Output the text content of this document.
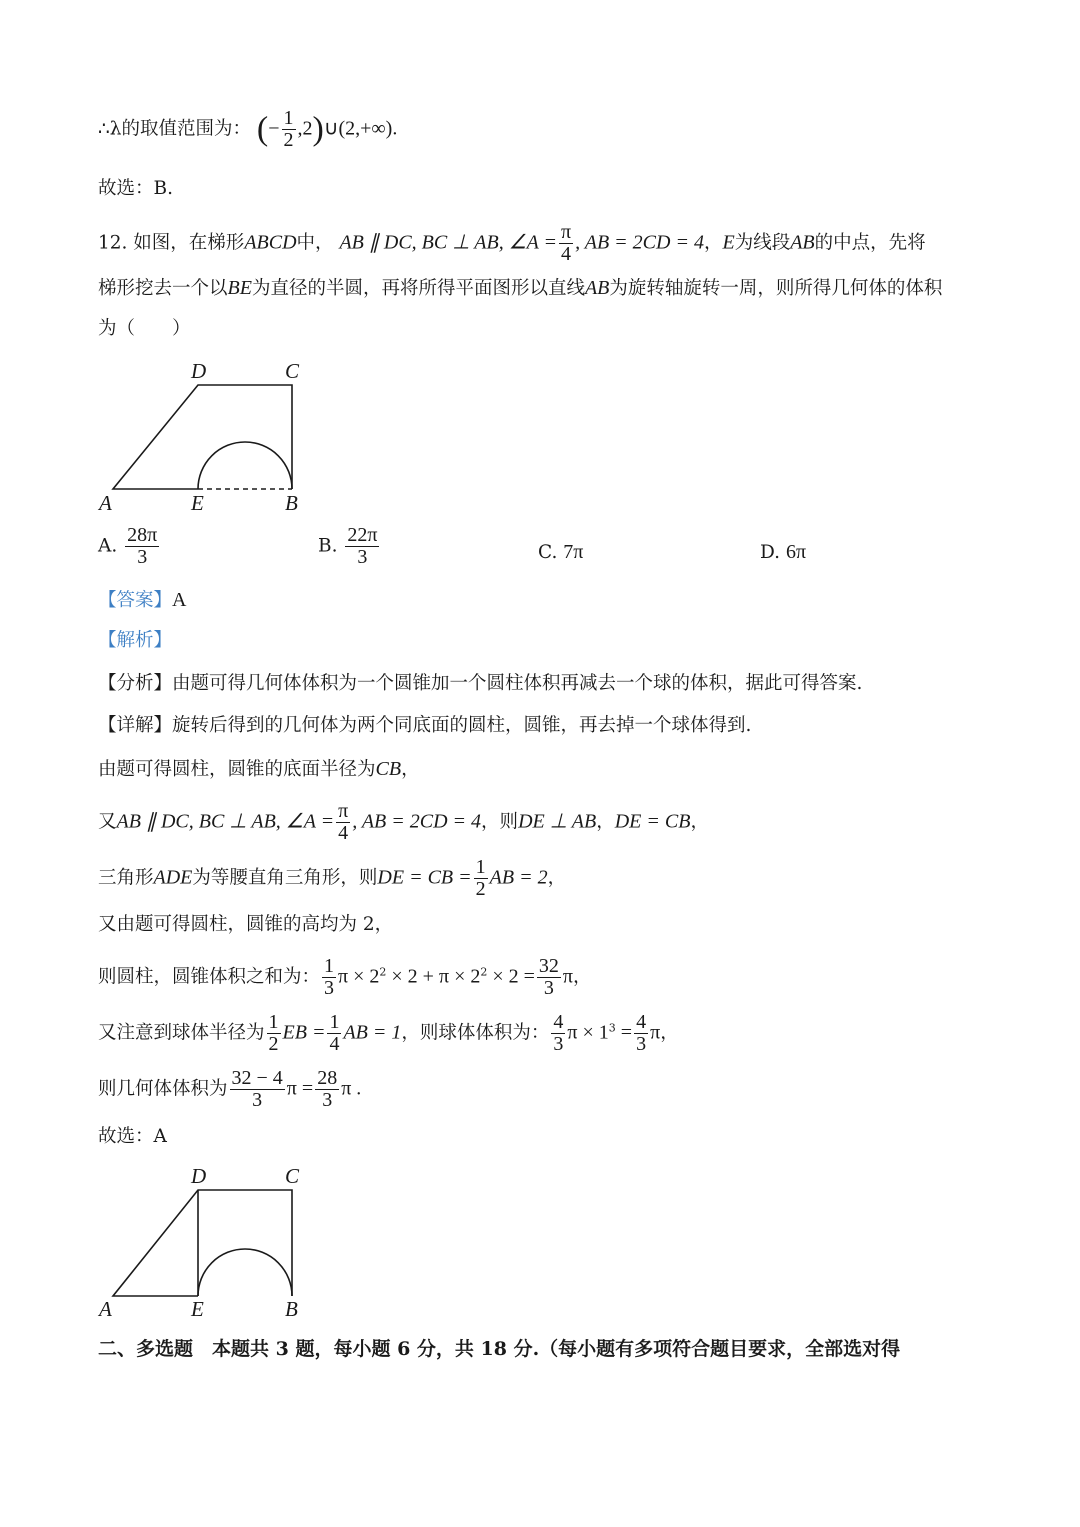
∴λ的取值范围为： (− $\frac{1}{2}$ ,2)∪(2,+∞).
故选：B.
12. 如图，在梯形ABCD中， AB ∥ DC, BC ⊥ AB, ∠A = $\frac{\pi}{4}$ , AB = 2CD = 4，E为线段AB的中点，先将
梯形挖去一个以BE为直径的半圆，再将所得平面图形以直线AB为旋转轴旋转一周，则所得几何体的体积
为（　　）
D	C
A	E	B
A. $\frac{28\pi}{3}$	B. $\frac{22\pi}{3}$	C. 7π	D. 6π
【答案】A
【解析】
【分析】由题可得几何体体积为一个圆锥加一个圆柱体积再减去一个球的体积，据此可得答案.
【详解】旋转后得到的几何体为两个同底面的圆柱，圆锥，再去掉一个球体得到.
由题可得圆柱，圆锥的底面半径为CB，
又AB ∥ DC, BC ⊥ AB, ∠A = $\frac{\pi}{4}$ , AB = 2CD = 4，则DE ⊥ AB，DE = CB，
三角形ADE为等腰直角三角形，则DE = CB = $\frac{1}{2}$ AB = 2，
又由题可得圆柱，圆锥的高均为 2，
则圆柱，圆锥体积之和为： $\frac{1}{3}$ $\pi \times 2^2 \times 2 + \pi \times 2^2 \times 2 = \frac{32}{3}$ π，
又注意到球体半径为 $\frac{1}{2}$ EB = $\frac{1}{4}$ AB = 1，则球体体积为： $\frac{4}{3}$ $\pi \times 1^3 = \frac{4}{3}$ π，
则几何体体积为 $\frac{32 - 4}{3}$ $\pi = \frac{28}{3}$ π .
故选：A
D	C
A	E	B
二、多选题　本题共 3 题，每小题 6 分，共 18 分.（每小题有多项符合题目要求，全部选对得
